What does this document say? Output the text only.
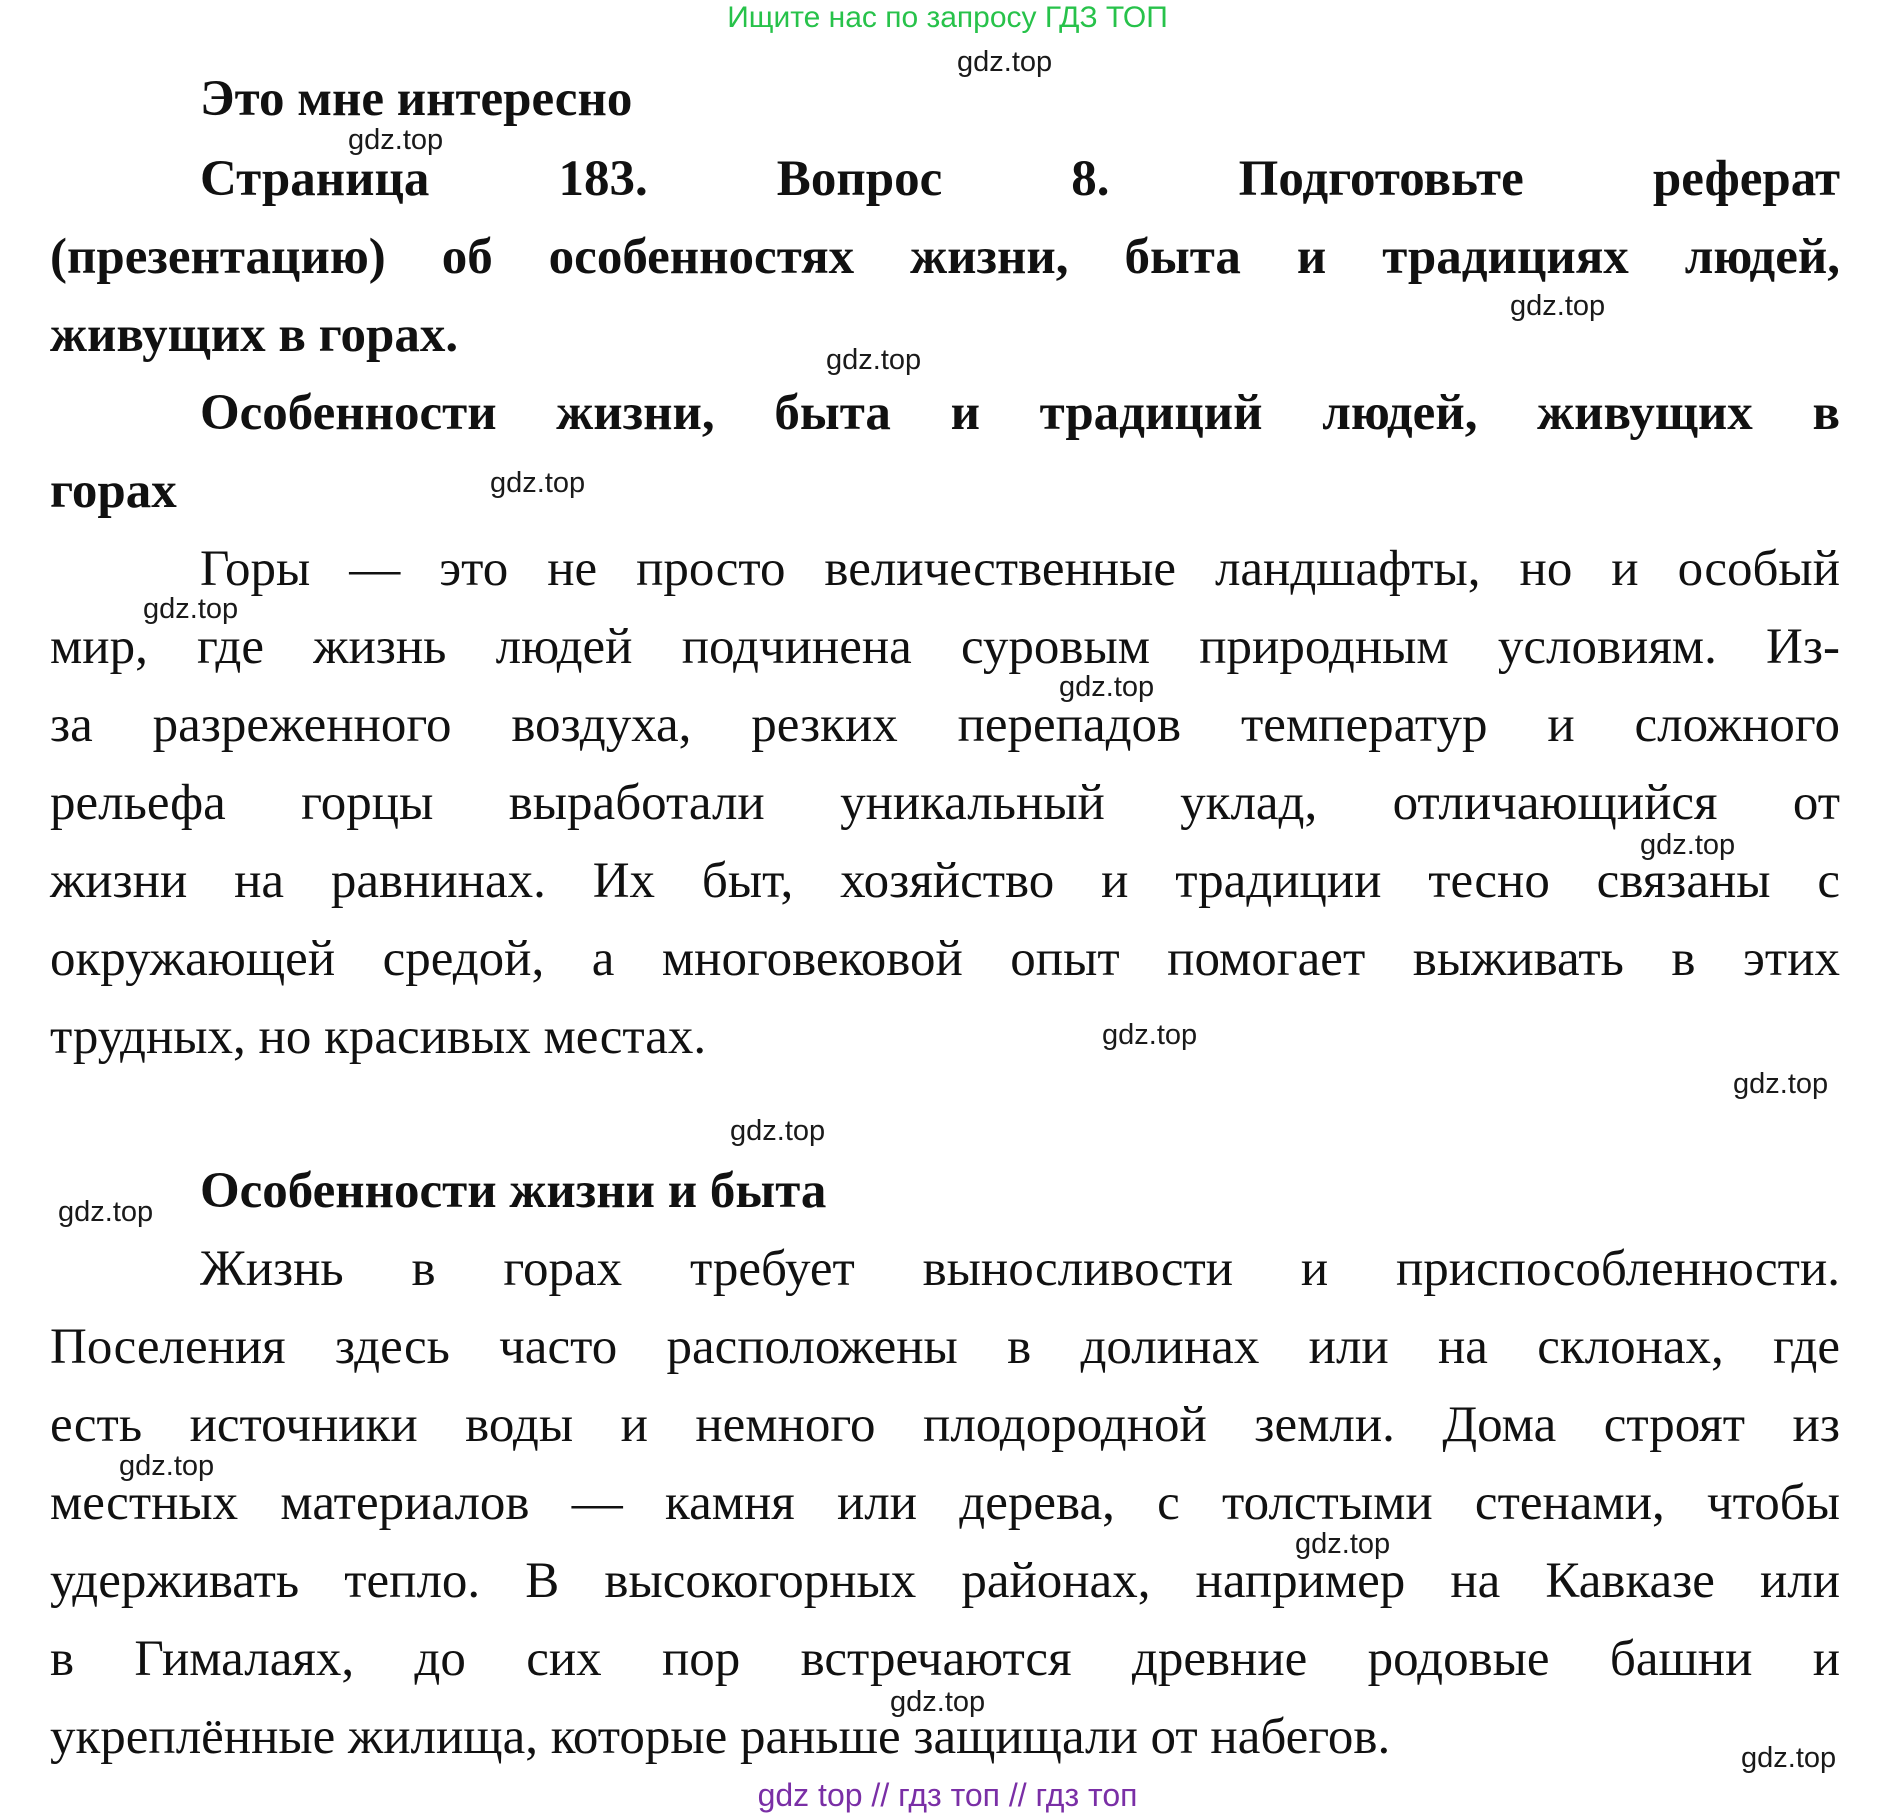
Ищите нас по запросу ГДЗ ТОП
Это мне интересно
Страница 183. Вопрос 8. Подготовьте реферат
(презентацию) об особенностях жизни, быта и традициях людей,
живущих в горах.
Особенности жизни, быта и традиций людей, живущих в
горах
Горы — это не просто величественные ландшафты, но и особый
мир, где жизнь людей подчинена суровым природным условиям. Из-
за разреженного воздуха, резких перепадов температур и сложного
рельефа горцы выработали уникальный уклад, отличающийся от
жизни на равнинах. Их быт, хозяйство и традиции тесно связаны с
окружающей средой, а многовековой опыт помогает выживать в этих
трудных, но красивых местах.
Особенности жизни и быта
Жизнь в горах требует выносливости и приспособленности.
Поселения здесь часто расположены в долинах или на склонах, где
есть источники воды и немного плодородной земли. Дома строят из
местных материалов — камня или дерева, с толстыми стенами, чтобы
удерживать тепло. В высокогорных районах, например на Кавказе или
в Гималаях, до сих пор встречаются древние родовые башни и
укреплённые жилища, которые раньше защищали от набегов.
gdz.top
gdz.top
gdz.top
gdz.top
gdz.top
gdz.top
gdz.top
gdz.top
gdz.top
gdz.top
gdz.top
gdz.top
gdz.top
gdz.top
gdz.top
gdz.top
gdz top // гдз топ // гдз топ
